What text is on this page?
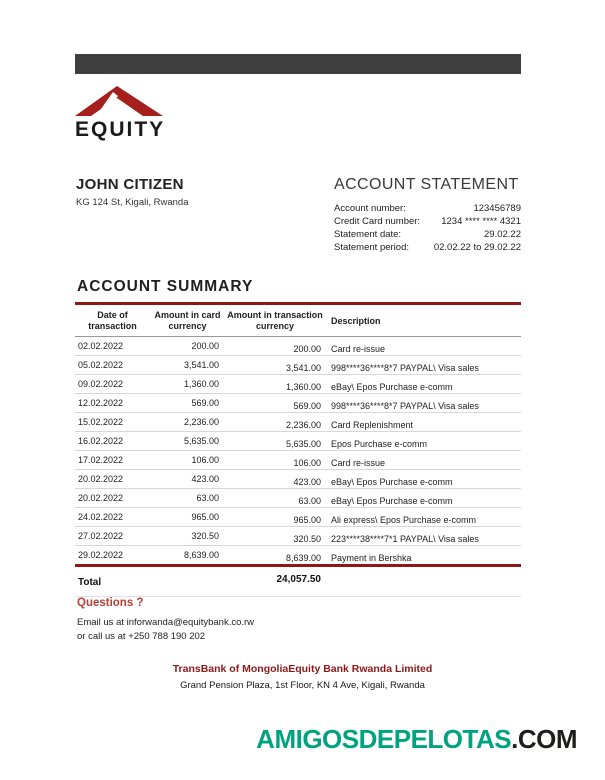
EQUITY
JOHN CITIZEN
KG 124 St, Kigali, Rwanda
ACCOUNT STATEMENT
Account number:	123456789
Credit Card number: 1234 **** **** 4321
Statement date:	29.02.22
Statement period:	02.02.22 to 29.02.22
ACCOUNT SUMMARY
Date of transaction	Amount in card currency	Amount in transaction currency	Description
02.02.2022	200.00	200.00	Card re-issue
05.02.2022	3,541.00	3,541.00	998****36****8*7 PAYPAL\ Visa sales
09.02.2022	1,360.00	1,360.00	eBay\ Epos Purchase e-comm
12.02.2022	569.00	569.00	998****36****8*7 PAYPAL\ Visa sales
15.02.2022	2,236.00	2,236.00	Card Replenishment
16.02.2022	5,635.00	5,635.00	Epos Purchase e-comm
17.02.2022	106.00	106.00	Card re-issue
20.02.2022	423.00	423.00	eBay\ Epos Purchase e-comm
20.02.2022	63.00	63.00	eBay\ Epos Purchase e-comm
24.02.2022	965.00	965.00	Ali express\ Epos Purchase e-comm
27.02.2022	320.50	320.50	223****38****7*1 PAYPAL\ Visa sales
29.02.2022	8,639.00	8,639.00	Payment in Bershka
Total	24,057.50
Questions ?
Email us at inforwanda@equitybank.co.rw
or call us at +250 788 190 202
TransBank of MongoliaEquity Bank Rwanda Limited
Grand Pension Plaza, 1st Floor, KN 4 Ave, Kigali, Rwanda
AMIGOSDEPELOTAS.COM
